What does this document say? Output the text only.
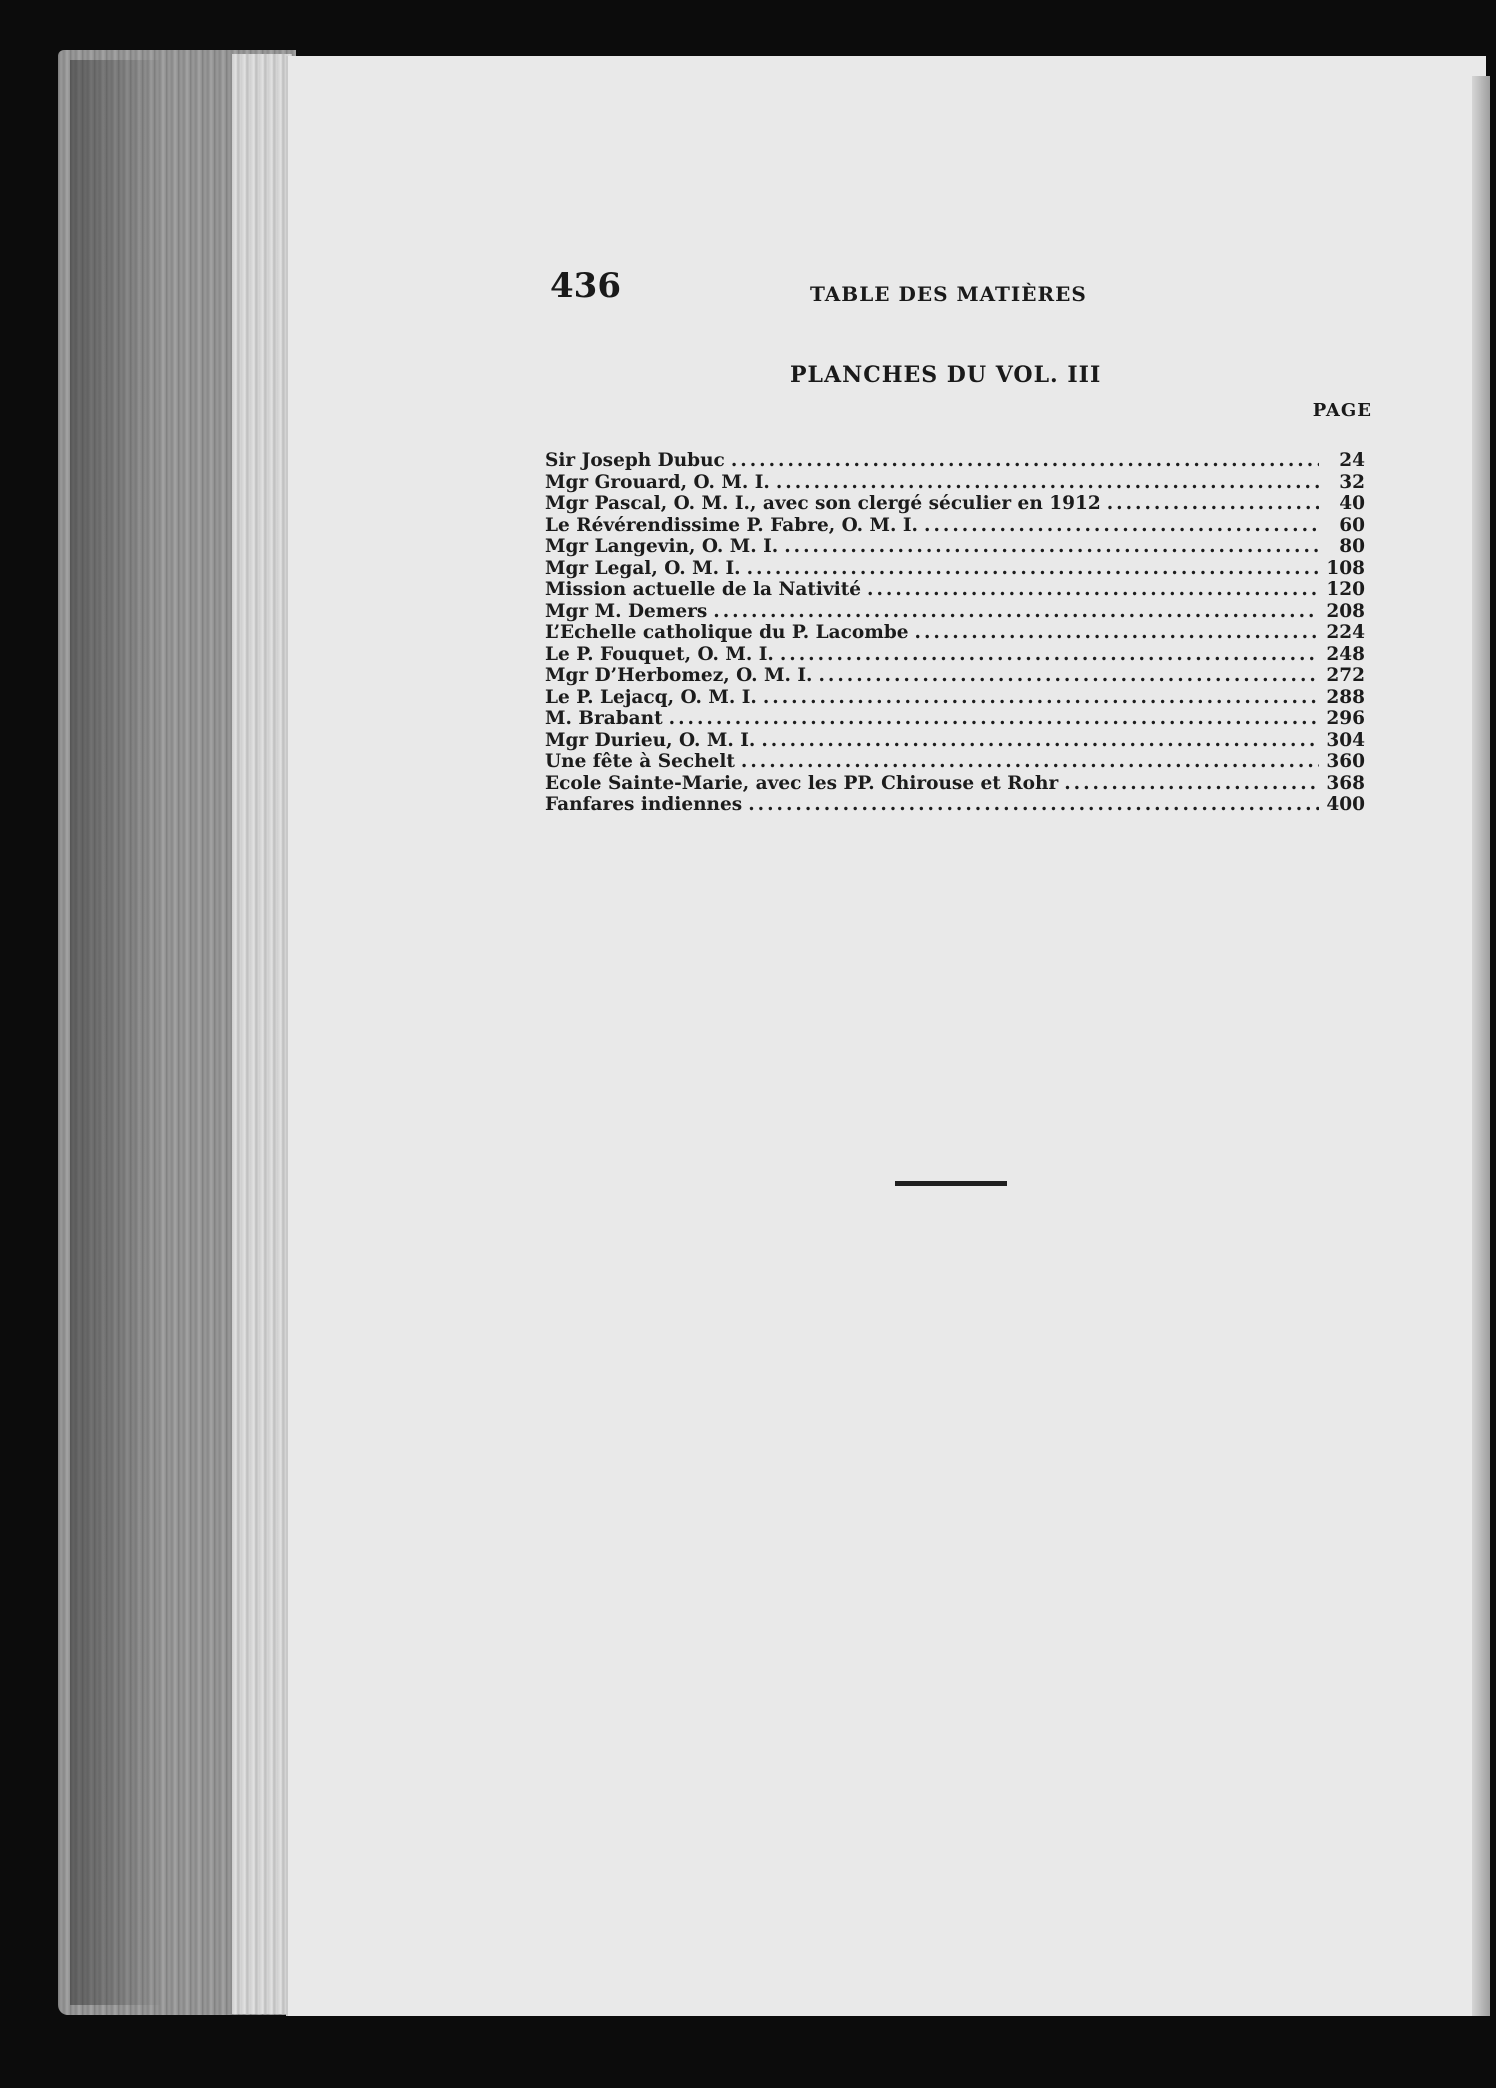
436	TABLE DES MATIÈRES
PLANCHES DU VOL. III
PAGE
Sir Joseph Dubuc .....	24
Mgr Grouard, O. M. I. .....	32
Mgr Pascal, O. M. I., avec son clergé séculier en 1912 .....	40
Le Révérendissime P. Fabre, O. M. I. .....	60
Mgr Langevin, O. M. I. .....	80
Mgr Legal, O. M. I. .....	108
Mission actuelle de la Nativité .....	120
Mgr M. Demers .....	208
L’Echelle catholique du P. Lacombe .....	224
Le P. Fouquet, O. M. I. .....	248
Mgr D’Herbomez, O. M. I. .....	272
Le P. Lejacq, O. M. I. .....	288
M. Brabant .....	296
Mgr Durieu, O. M. I. .....	304
Une fête à Sechelt .....	360
Ecole Sainte-Marie, avec les PP. Chirouse et Rohr .....	368
Fanfares indiennes .....	400
